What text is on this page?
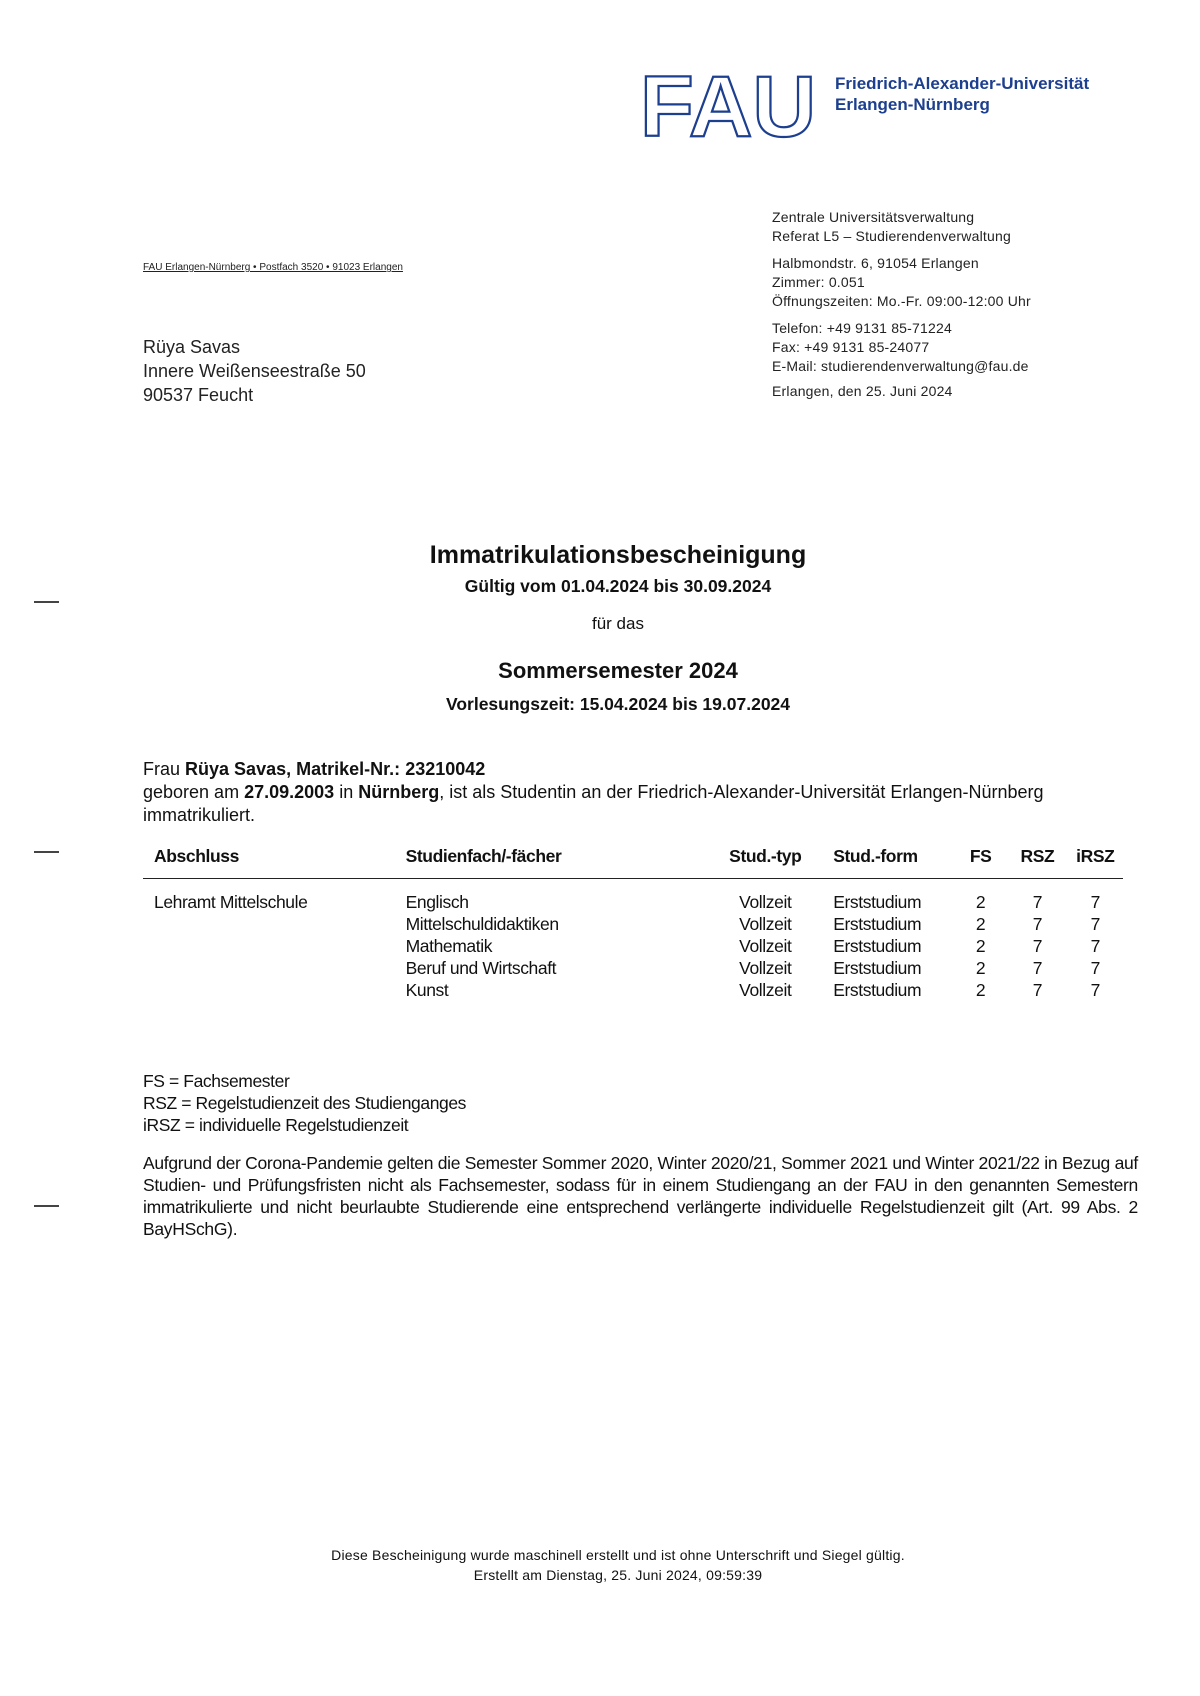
FAU Friedrich-Alexander-Universität
Erlangen-Nürnberg
FAU Erlangen-Nürnberg • Postfach 3520 • 91023 Erlangen
Rüya Savas
Innere Weißenseestraße 50
90537 Feucht
Zentrale Universitätsverwaltung
Referat L5 – Studierendenverwaltung
Halbmondstr. 6, 91054 Erlangen
Zimmer: 0.051
Öffnungszeiten: Mo.-Fr. 09:00-12:00 Uhr
Telefon: +49 9131 85-71224
Fax: +49 9131 85-24077
E-Mail: studierendenverwaltung@fau.de
Erlangen, den 25. Juni 2024
Immatrikulationsbescheinigung
Gültig vom 01.04.2024 bis 30.09.2024
für das
Sommersemester 2024
Vorlesungszeit: 15.04.2024 bis 19.07.2024
Frau Rüya Savas, Matrikel-Nr.: 23210042
geboren am 27.09.2003 in Nürnberg, ist als Studentin an der Friedrich-Alexander-Universität Erlangen-Nürnberg immatrikuliert.
Abschluss	Studienfach/-fächer	Stud.-typ	Stud.-form	FS	RSZ	iRSZ
Lehramt Mittelschule	Englisch	Vollzeit	Erststudium	2	7	7
	Mittelschuldidaktiken	Vollzeit	Erststudium	2	7	7
	Mathematik	Vollzeit	Erststudium	2	7	7
	Beruf und Wirtschaft	Vollzeit	Erststudium	2	7	7
	Kunst	Vollzeit	Erststudium	2	7	7
FS = Fachsemester
RSZ = Regelstudienzeit des Studienganges
iRSZ = individuelle Regelstudienzeit
Aufgrund der Corona-Pandemie gelten die Semester Sommer 2020, Winter 2020/21, Sommer 2021 und Winter 2021/22 in Bezug auf Studien- und Prüfungsfristen nicht als Fachsemester, sodass für in einem Studiengang an der FAU in den genannten Semestern immatrikulierte und nicht beurlaubte Studierende eine entsprechend verlängerte individuelle Regelstudienzeit gilt (Art. 99 Abs. 2 BayHSchG).
Diese Bescheinigung wurde maschinell erstellt und ist ohne Unterschrift und Siegel gültig.
Erstellt am Dienstag, 25. Juni 2024, 09:59:39
